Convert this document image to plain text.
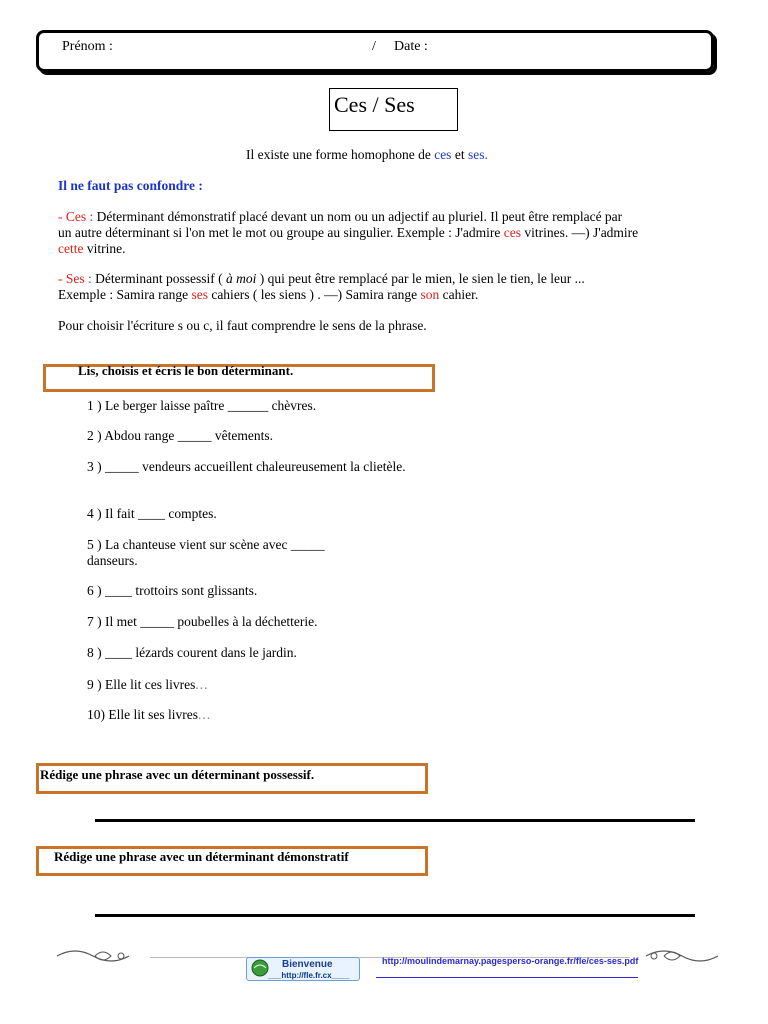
Prénom :	/ Date :
Ces / Ses
Il existe une forme homophone de ces et ses.
Il ne faut pas confondre :
- Ces : Déterminant démonstratif placé devant un nom ou un adjectif au pluriel. Il peut être remplacé par
un autre déterminant si l'on met le mot ou groupe au singulier. Exemple : J'admire ces vitrines. —) J'admire
cette vitrine.
- Ses : Déterminant possessif ( à moi ) qui peut être remplacé par le mien, le sien le tien, le leur ...
Exemple : Samira range ses cahiers ( les siens ) . —) Samira range son cahier.
Pour choisir l'écriture s ou c, il faut comprendre le sens de la phrase.
Lis, choisis et écris le bon déterminant.
1 ) Le berger laisse paître ______ chèvres.
2 ) Abdou range _____ vêtements.
3 ) _____ vendeurs accueillent chaleureusement la clietèle.
4 ) Il fait ____ comptes.
5 ) La chanteuse vient sur scène avec _____ danseurs.
6 ) ____ trottoirs sont glissants.
7 ) Il met _____ poubelles à la déchetterie.
8 ) ____ lézards courent dans le jardin.
9 ) Elle lit ces livres...
10) Elle lit ses livres...
Rédige une phrase avec un déterminant possessif.
Rédige une phrase avec un déterminant démonstratif
Bienvenue
___http://fle.fr.cx____
http://moulindemarnay.pagesperso-orange.fr/fle/ces-ses.pdf
